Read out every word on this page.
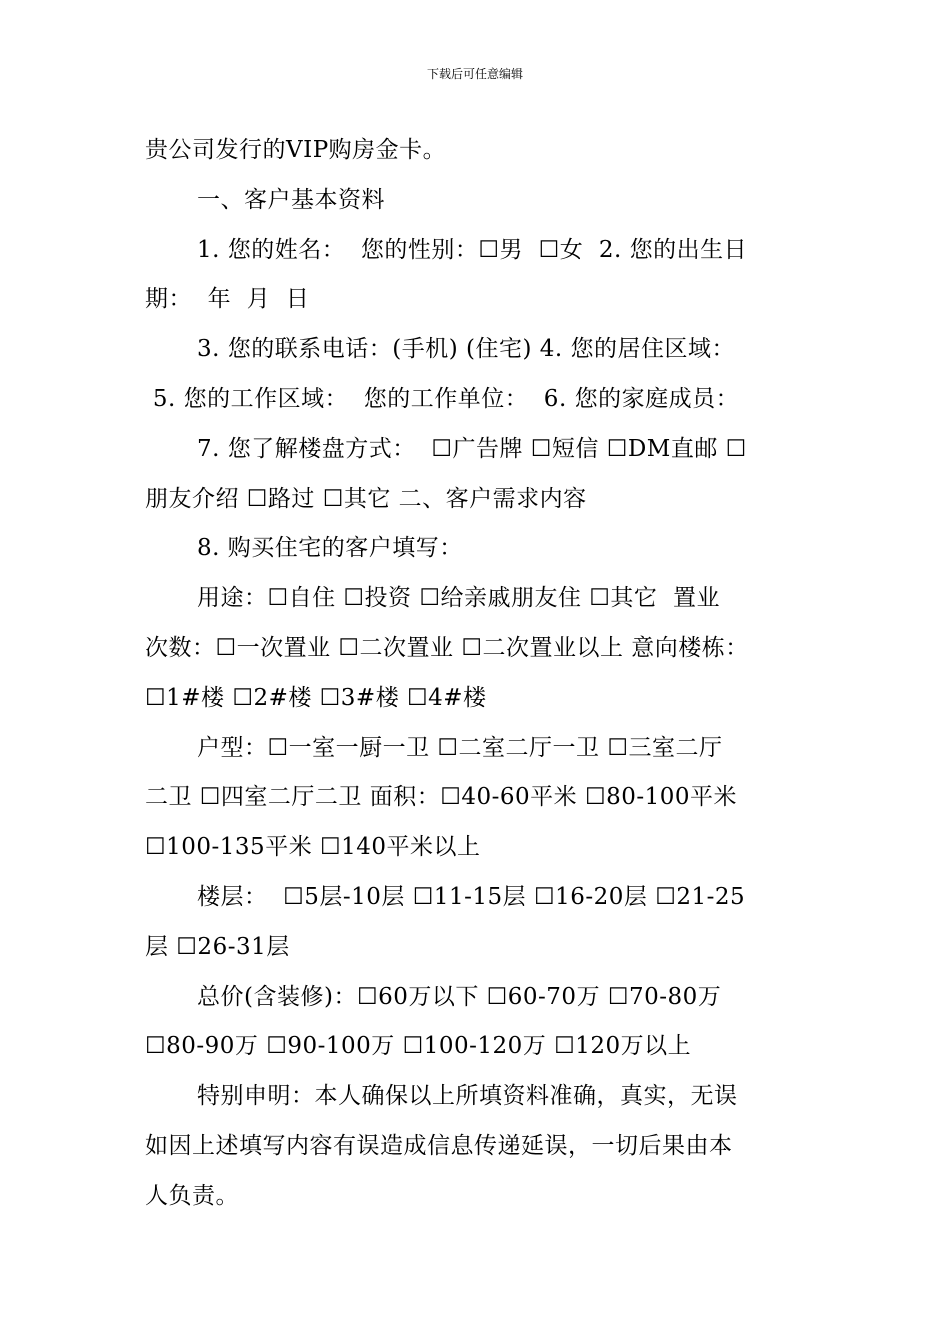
下载后可任意编辑

贵公司发行的VIP购房金卡。

一、客户基本资料

1. 您的姓名：  您的性别：☐男  ☐女  2. 您的出生日

期：  年  月  日

3. 您的联系电话：(手机) (住宅) 4. 您的居住区域：

5. 您的工作区域：  您的工作单位：  6. 您的家庭成员：

7. 您了解楼盘方式：  ☐广告牌 ☐短信 ☐DM直邮 ☐

朋友介绍 ☐路过 ☐其它 二、客户需求内容

8. 购买住宅的客户填写：

用途：☐自住 ☐投资 ☐给亲戚朋友住 ☐其它  置业

次数：☐一次置业 ☐二次置业 ☐二次置业以上 意向楼栋：

☐1#楼 ☐2#楼 ☐3#楼 ☐4#楼

户型：☐一室一厨一卫 ☐二室二厅一卫 ☐三室二厅

二卫 ☐四室二厅二卫 面积：☐40-60平米 ☐80-100平米

☐100-135平米 ☐140平米以上

楼层：  ☐5层-10层 ☐11-15层 ☐16-20层 ☐21-25

层 ☐26-31层

总价(含装修)：☐60万以下 ☐60-70万 ☐70-80万

☐80-90万 ☐90-100万 ☐100-120万 ☐120万以上

特别申明：本人确保以上所填资料准确，真实，无误

如因上述填写内容有误造成信息传递延误，一切后果由本

人负责。
